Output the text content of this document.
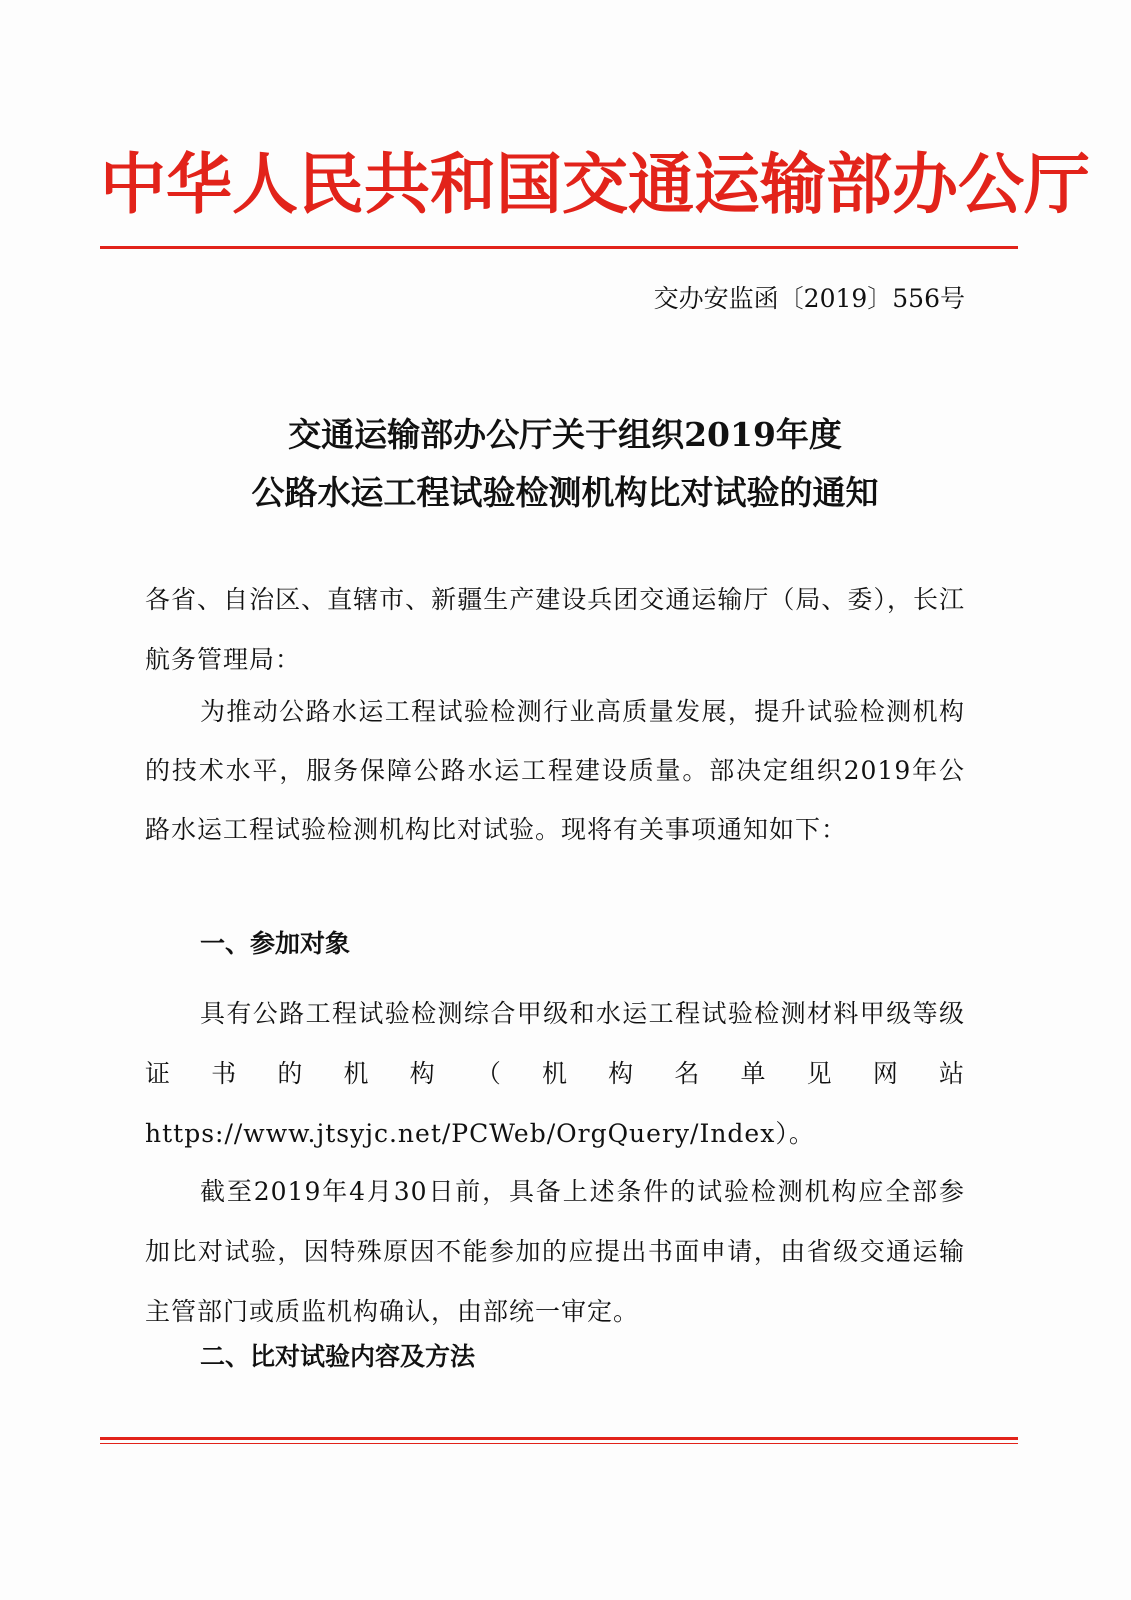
中华人民共和国交通运输部办公厅
交办安监函〔2019〕556号
交通运输部办公厅关于组织2019年度
公路水运工程试验检测机构比对试验的通知
各省、自治区、直辖市、新疆生产建设兵团交通运输厅（局、委），长江航务管理局：
为推动公路水运工程试验检测行业高质量发展，提升试验检测机构的技术水平，服务保障公路水运工程建设质量。部决定组织2019年公路水运工程试验检测机构比对试验。现将有关事项通知如下：
一、参加对象
具有公路工程试验检测综合甲级和水运工程试验检测材料甲级等级证书的机构（机构名单见网站 https://www.jtsyjc.net/PCWeb/OrgQuery/Index）。
截至2019年4月30日前，具备上述条件的试验检测机构应全部参加比对试验，因特殊原因不能参加的应提出书面申请，由省级交通运输主管部门或质监机构确认，由部统一审定。
二、比对试验内容及方法
